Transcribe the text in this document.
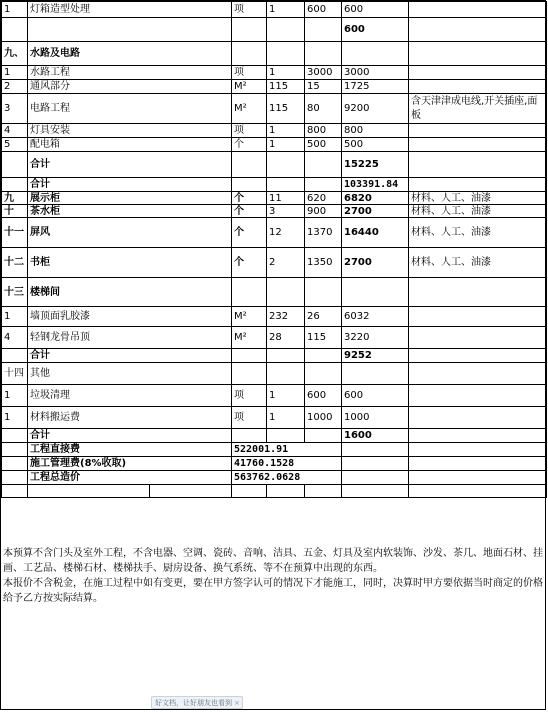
1	灯箱造型处理		项	1	600	600	
						600	
九、	水路及电路						
1	水路工程		项	1	3000	3000	
2	通风部分		M²	115	15	1725	
3	电路工程		M²	115	80	9200	含天津津成电线,开关插座,面板
4	灯具安装		项	1	800	800	
5	配电箱		个	1	500	500	
	合计					15225	
	合计					103391.84	
九	展示柜		个	11	620	6820	材料、人工、油漆
十	茶水柜		个	3	900	2700	材料、人工、油漆
十一	屏风		个	12	1370	16440	材料、人工、油漆
十二	书柜		个	2	1350	2700	材料、人工、油漆
十三	楼梯间						
1	墙顶面乳胶漆		M²	232	26	6032	
4	轻钢龙骨吊顶		M²	28	115	3220	
	合计					9252	
十四	其他						
1	垃圾清理		项	1	600	600	
1	材料搬运费		项	1	1000	1000	
	合计					1600	
	工程直接费		522001.91				
	施工管理费(8%收取)		41760.1528				
	工程总造价		563762.0628				

本预算不含门头及室外工程，不含电器、空调、瓷砖、音响、洁具、五金、灯具及室内软装饰、沙发、茶几、地面石材、挂画、工艺品、楼梯石材、楼梯扶手、厨房设备、换气系统、等不在预算中出现的东西。

本报价不含税金，在施工过程中如有变更，要在甲方签字认可的情况下才能施工，同时，决算时甲方要依据当时商定的价格给予乙方按实际结算。

好文档，让好朋友也看到 ×
